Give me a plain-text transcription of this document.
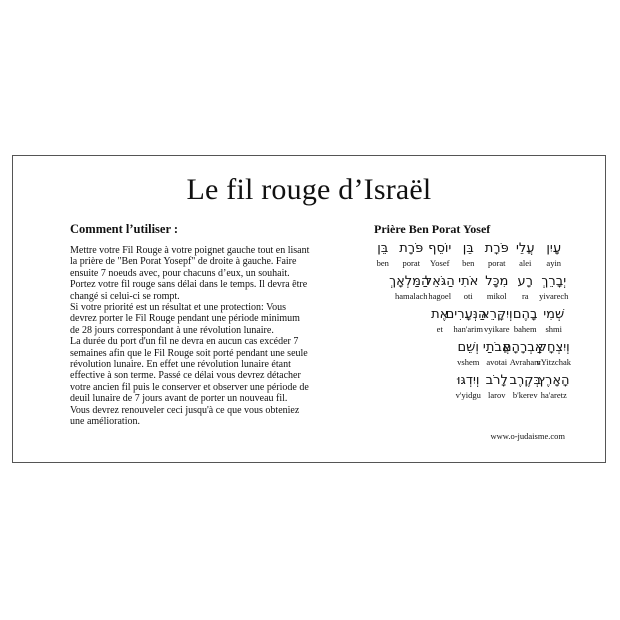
Le fil rouge d’Israël
Comment l’utiliser :
Mettre votre Fil Rouge à votre poignet gauche tout en lisant
la prière de "Ben Porat Yosepf" de droite à gauche. Faire
ensuite 7 noeuds avec, pour chacuns d’eux, un souhait.
Portez votre fil rouge sans délai dans le temps. Il devra être
changé si celui-ci se rompt.
Si votre priorité est un résultat et une protection: Vous
devrez porter le Fil Rouge pendant une période minimum
de 28 jours correspondant à une révolution lunaire.
La durée du port d'un fil ne devra en aucun cas excéder 7
semaines afin que le Fil Rouge soit porté pendant une seule
révolution lunaire. En effet une révolution lunaire étant
effective à son terme. Passé ce délai vous devrez détacher
votre ancien fil puis le conserver et observer une période de
deuil lunaire de 7 jours avant de porter un nouveau fil.
Vous devrez renouveler ceci jusqu'à ce que vous obteniez
une amélioration.
Prière Ben Porat Yosef
עָיִן
ayin
עֲלֵי
alei
פֹּרָת
porat
בֵּן
ben
יוֹסֵף
Yosef
פֹּרָת
porat
בֵּן
ben
יְבָרֵךְ
yivarech
רָע
ra
מִכָּל
mikol
אֹתִי
oti
הַגֹּאֵל
hagoel
הַמַּלְאָךְ
hamalach
שְׁמִי
shmi
בָהֶם
bahem
וְיִקָּרֵא
vyikare
הַנְּעָרִים
han'arim
אֶת
et
וְיִצְחָק
vYitzchak
אַבְרָהָם
Avraham
אֲבֹתַי
avotai
וְשֵׁם
vshem
הָאָרֶץ
ha'aretz
בְּקֶרֶב
b'kerev
לָרֹב
larov
וְיִדְגּוּ
v'yidgu
www.o-judaisme.com
